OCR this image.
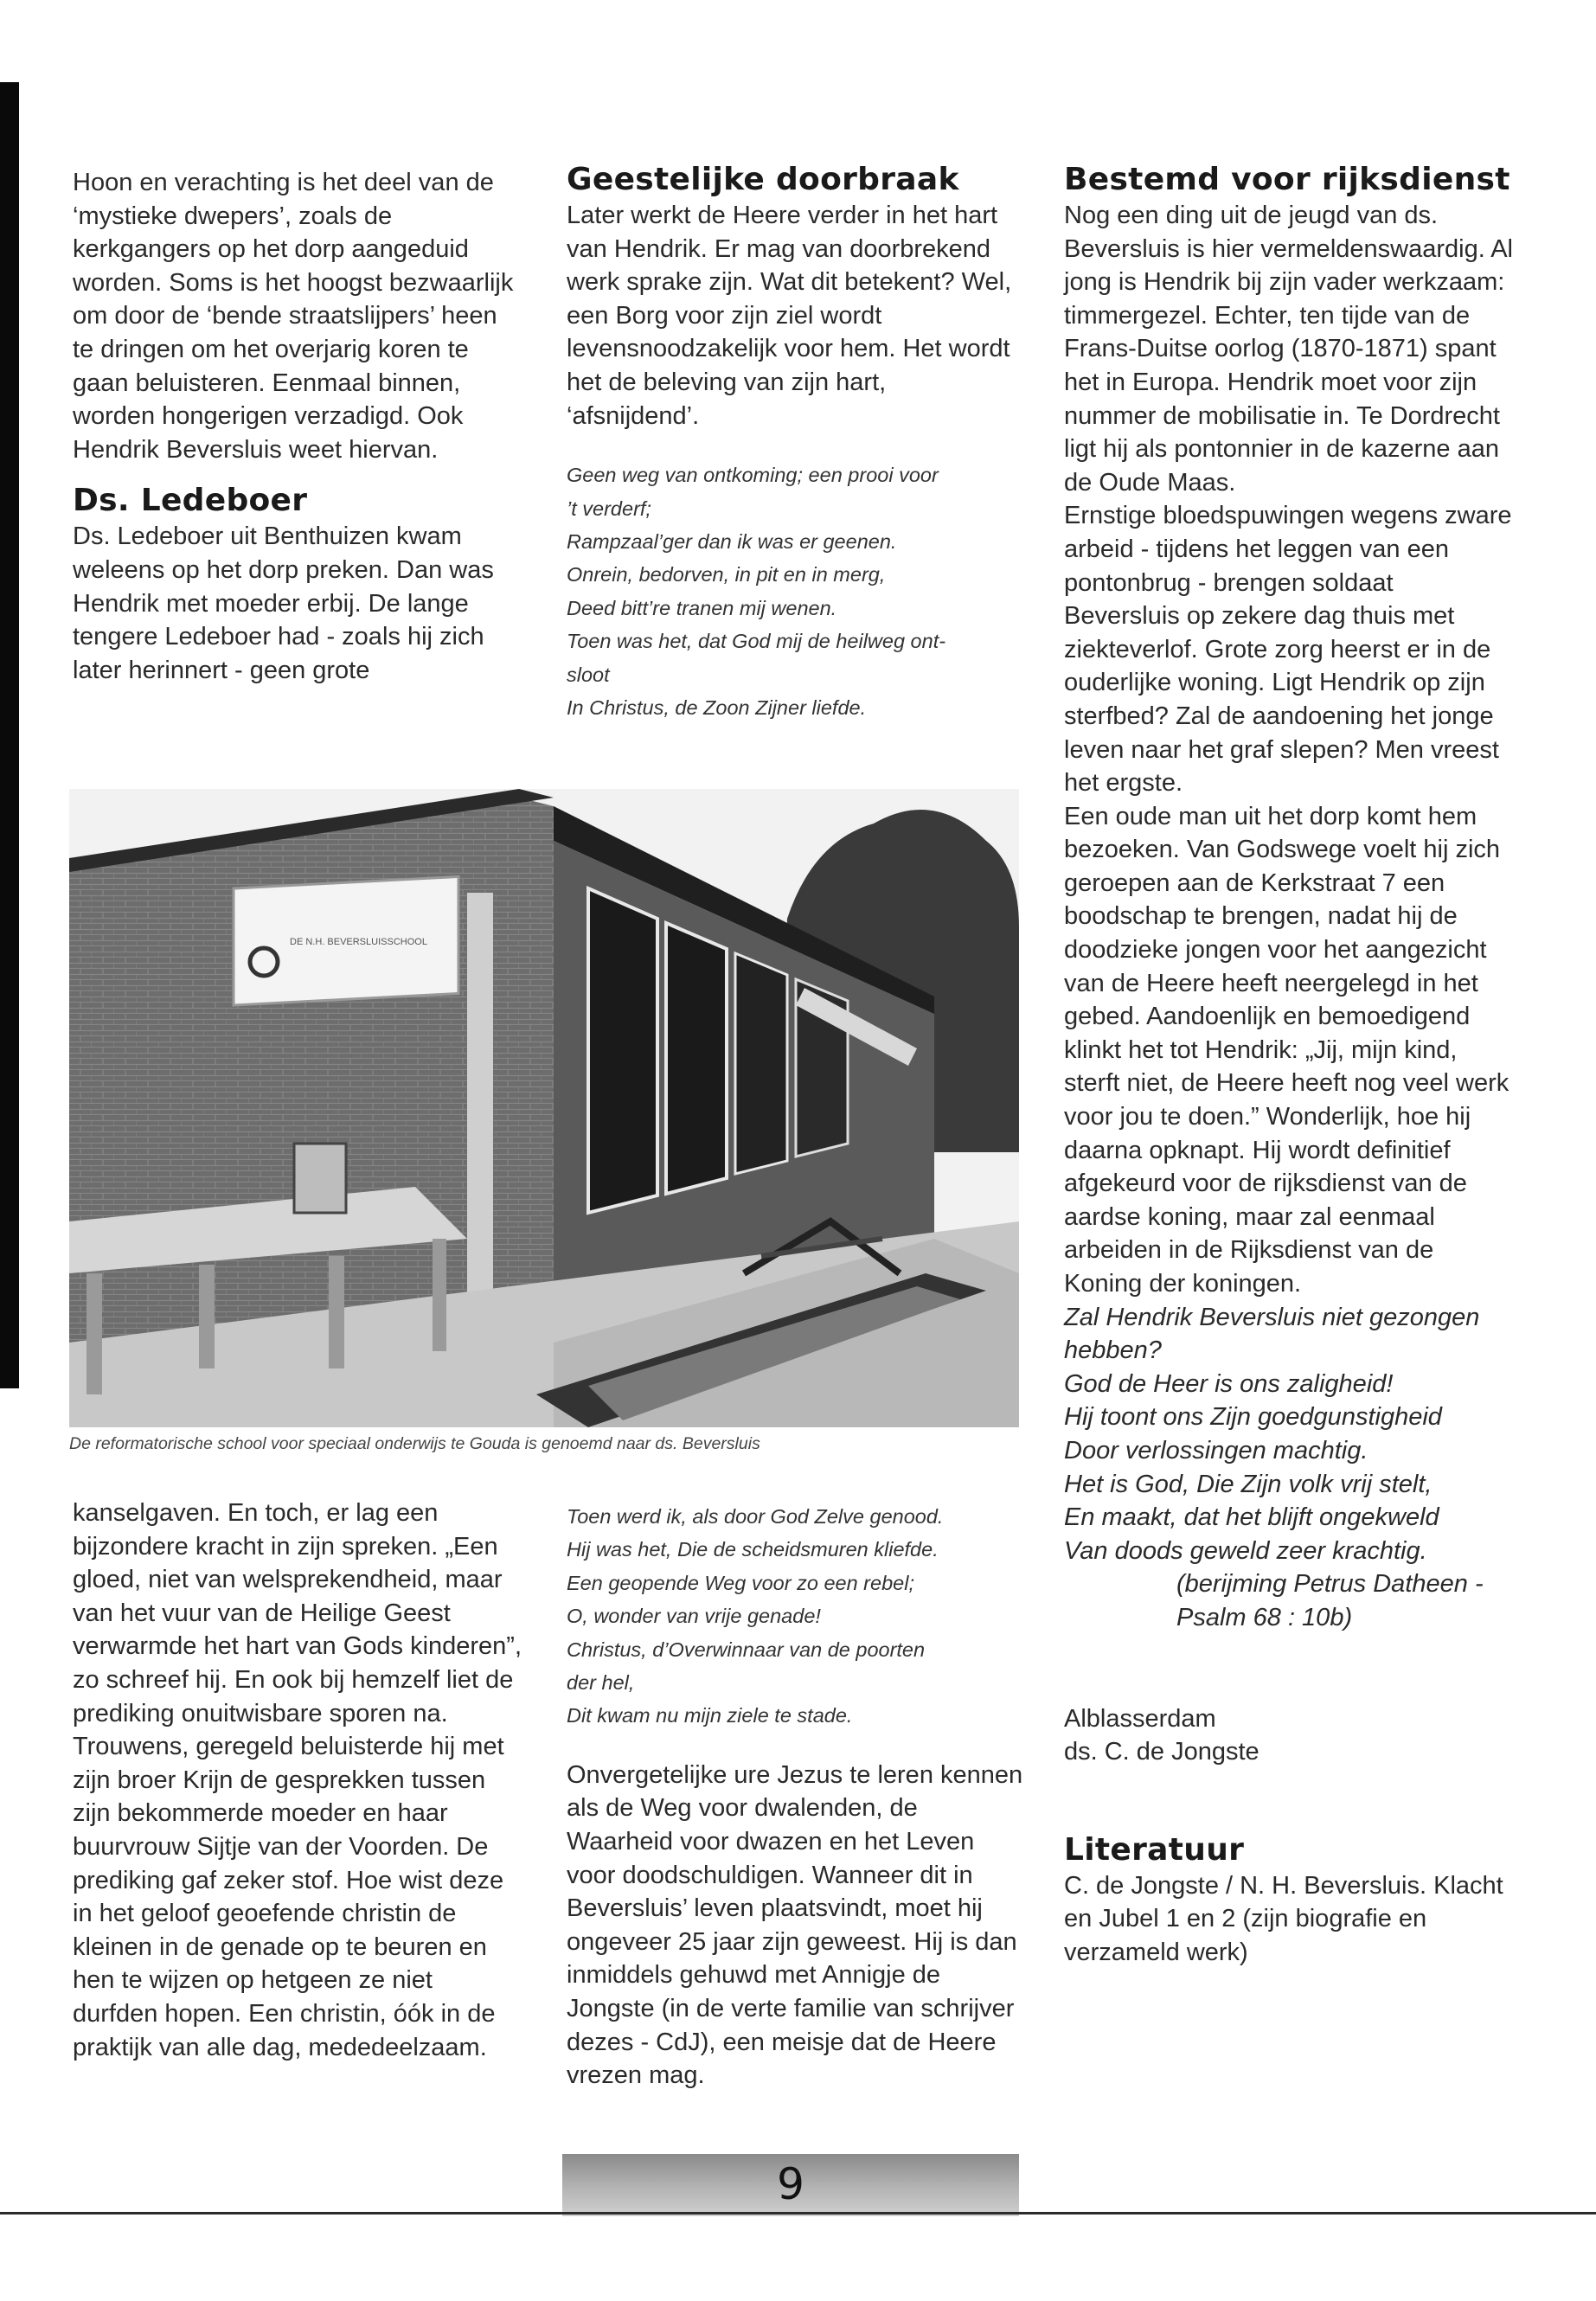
Hoon en verachting is het deel van de ‘mystieke dwepers’, zoals de kerkgangers op het dorp aangeduid worden. Soms is het hoogst bezwaarlijk om door de ‘bende straatslijpers’ heen te dringen om het overjarig koren te gaan beluisteren. Eenmaal binnen, worden hongerigen verzadigd. Ook Hendrik Beversluis weet hiervan.

Ds. Ledeboer

Ds. Ledeboer uit Benthuizen kwam weleens op het dorp preken. Dan was Hendrik met moeder erbij. De lange tengere Ledeboer had - zoals hij zich later herinnert - geen grote

Geestelijke doorbraak

Later werkt de Heere verder in het hart van Hendrik. Er mag van doorbrekend werk sprake zijn. Wat dit betekent? Wel, een Borg voor zijn ziel wordt levensnoodzakelijk voor hem. Het wordt het de beleving van zijn hart, ‘afsnijdend’.

Geen weg van ontkoming; een prooi voor

’t verderf;

Rampzaal’ger dan ik was er geenen.

Onrein, bedorven, in pit en in merg,

Deed bitt’re tranen mij wenen.

Toen was het, dat God mij de heilweg ont-

sloot

In Christus, de Zoon Zijner liefde.

Bestemd voor rijksdienst

Nog een ding uit de jeugd van ds. Beversluis is hier vermeldenswaardig. Al jong is Hendrik bij zijn vader werkzaam: timmergezel. Echter, ten tijde van de Frans-Duitse oorlog (1870-1871) spant het in Europa. Hendrik moet voor zijn nummer de mobilisatie in. Te Dordrecht ligt hij als pontonnier in de kazerne aan de Oude Maas.

Ernstige bloedspuwingen wegens zware arbeid - tijdens het leggen van een pontonbrug - brengen soldaat Beversluis op zekere dag thuis met ziekteverlof. Grote zorg heerst er in de ouderlijke woning. Ligt Hendrik op zijn sterfbed? Zal de aandoening het jonge leven naar het graf slepen? Men vreest het ergste.

Een oude man uit het dorp komt hem bezoeken. Van Godswege voelt hij zich geroepen aan de Kerkstraat 7 een boodschap te brengen, nadat hij de doodzieke jongen voor het aangezicht van de Heere heeft neergelegd in het gebed. Aandoenlijk en bemoedigend klinkt het tot Hendrik: „Jij, mijn kind, sterft niet, de Heere heeft nog veel werk voor jou te doen.” Wonderlijk, hoe hij daarna opknapt. Hij wordt definitief afgekeurd voor de rijksdienst van de aardse koning, maar zal eenmaal arbeiden in de Rijksdienst van de Koning der koningen.

Zal Hendrik Beversluis niet gezongen hebben?

God de Heer is ons zaligheid!

Hij toont ons Zijn goedgunstigheid

Door verlossingen machtig.

Het is God, Die Zijn volk vrij stelt,

En maakt, dat het blijft ongekweld

Van doods geweld zeer krachtig.

(berijming Petrus Datheen -

Psalm 68 : 10b)

Alblasserdam

ds. C. de Jongste

Literatuur

C. de Jongste / N. H. Beversluis. Klacht en Jubel 1 en 2 (zijn biografie en verzameld werk)

DE N.H. BEVERSLUISSCHOOL
De reformatorische school voor speciaal onderwijs te Gouda is genoemd naar ds. Beversluis

kanselgaven. En toch, er lag een bijzondere kracht in zijn spreken. „Een gloed, niet van welsprekendheid, maar van het vuur van de Heilige Geest verwarmde het hart van Gods kinderen”, zo schreef hij. En ook bij hemzelf liet de prediking onuitwisbare sporen na.

Trouwens, geregeld beluisterde hij met zijn broer Krijn de gesprekken tussen zijn bekommerde moeder en haar buurvrouw Sijtje van der Voorden. De prediking gaf zeker stof. Hoe wist deze in het geloof geoefende christin de kleinen in de genade op te beuren en hen te wijzen op hetgeen ze niet durfden hopen. Een christin, óók in de praktijk van alle dag, mededeelzaam.

Toen werd ik, als door God Zelve genood.

Hij was het, Die de scheidsmuren kliefde.

Een geopende Weg voor zo een rebel;

O, wonder van vrije genade!

Christus, d’Overwinnaar van de poorten

der hel,

Dit kwam nu mijn ziele te stade.

Onvergetelijke ure Jezus te leren kennen als de Weg voor dwalenden, de Waarheid voor dwazen en het Leven voor doodschuldigen. Wanneer dit in Beversluis’ leven plaatsvindt, moet hij ongeveer 25 jaar zijn geweest. Hij is dan inmiddels gehuwd met Annigje de Jongste (in de verte familie van schrijver dezes - CdJ), een meisje dat de Heere vrezen mag.

9
